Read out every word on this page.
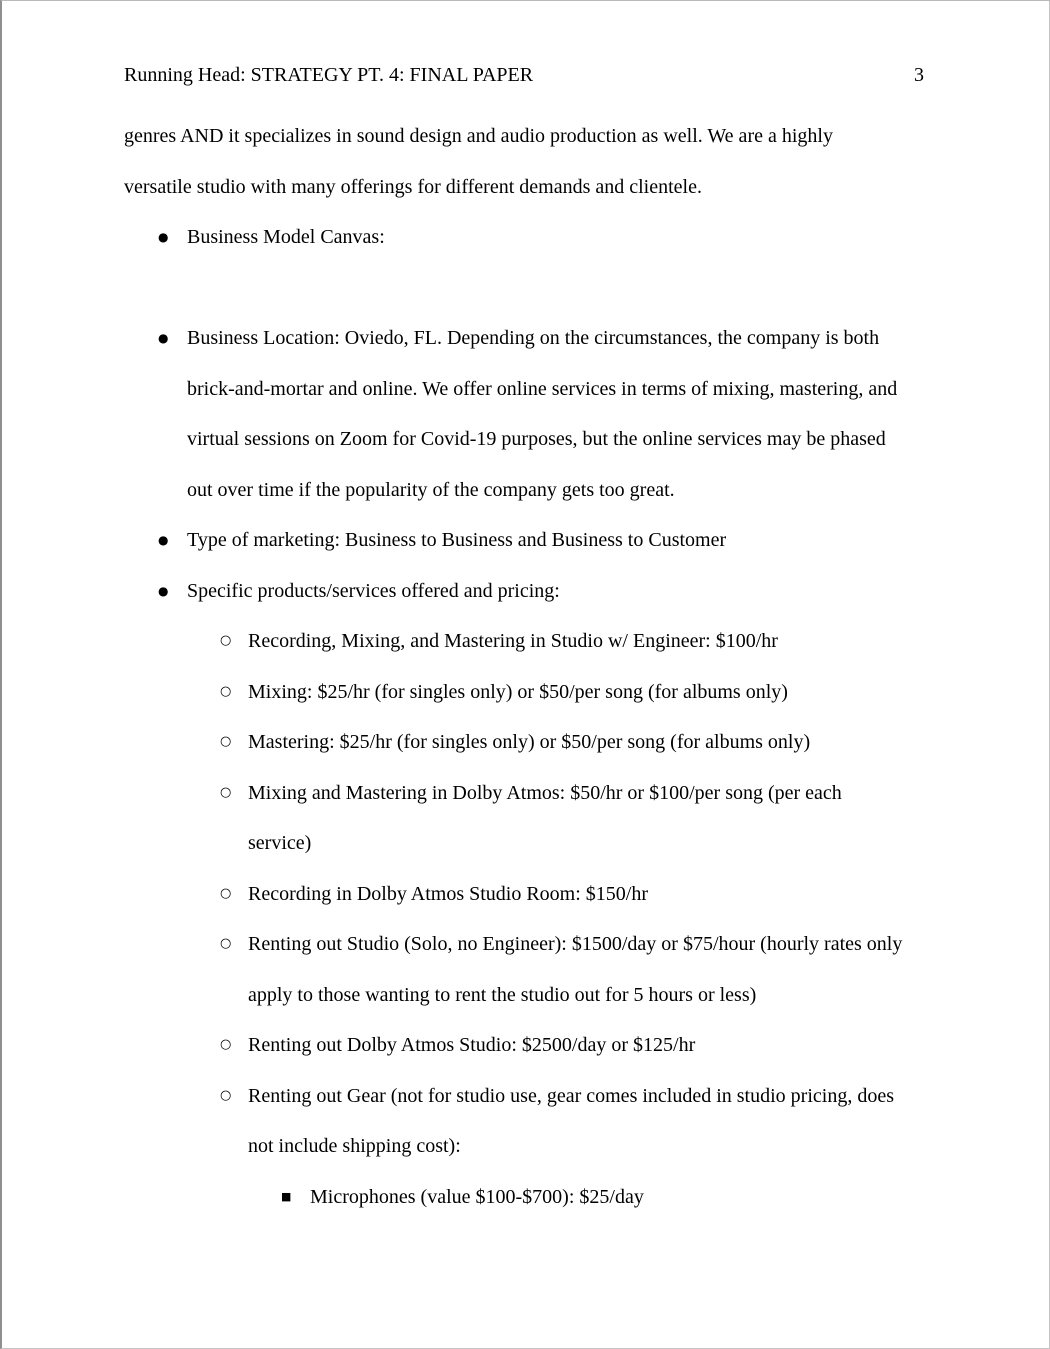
Running Head: STRATEGY PT. 4: FINAL PAPER	3
genres AND it specializes in sound design and audio production as well. We are a highly
versatile studio with many offerings for different demands and clientele.
● Business Model Canvas:
● Business Location: Oviedo, FL. Depending on the circumstances, the company is both
brick-and-mortar and online. We offer online services in terms of mixing, mastering, and
virtual sessions on Zoom for Covid-19 purposes, but the online services may be phased
out over time if the popularity of the company gets too great.
● Type of marketing: Business to Business and Business to Customer
● Specific products/services offered and pricing:
○ Recording, Mixing, and Mastering in Studio w/ Engineer: $100/hr
○ Mixing: $25/hr (for singles only) or $50/per song (for albums only)
○ Mastering: $25/hr (for singles only) or $50/per song (for albums only)
○ Mixing and Mastering in Dolby Atmos: $50/hr or $100/per song (per each
service)
○ Recording in Dolby Atmos Studio Room: $150/hr
○ Renting out Studio (Solo, no Engineer): $1500/day or $75/hour (hourly rates only
apply to those wanting to rent the studio out for 5 hours or less)
○ Renting out Dolby Atmos Studio: $2500/day or $125/hr
○ Renting out Gear (not for studio use, gear comes included in studio pricing, does
not include shipping cost):
■ Microphones (value $100-$700): $25/day
